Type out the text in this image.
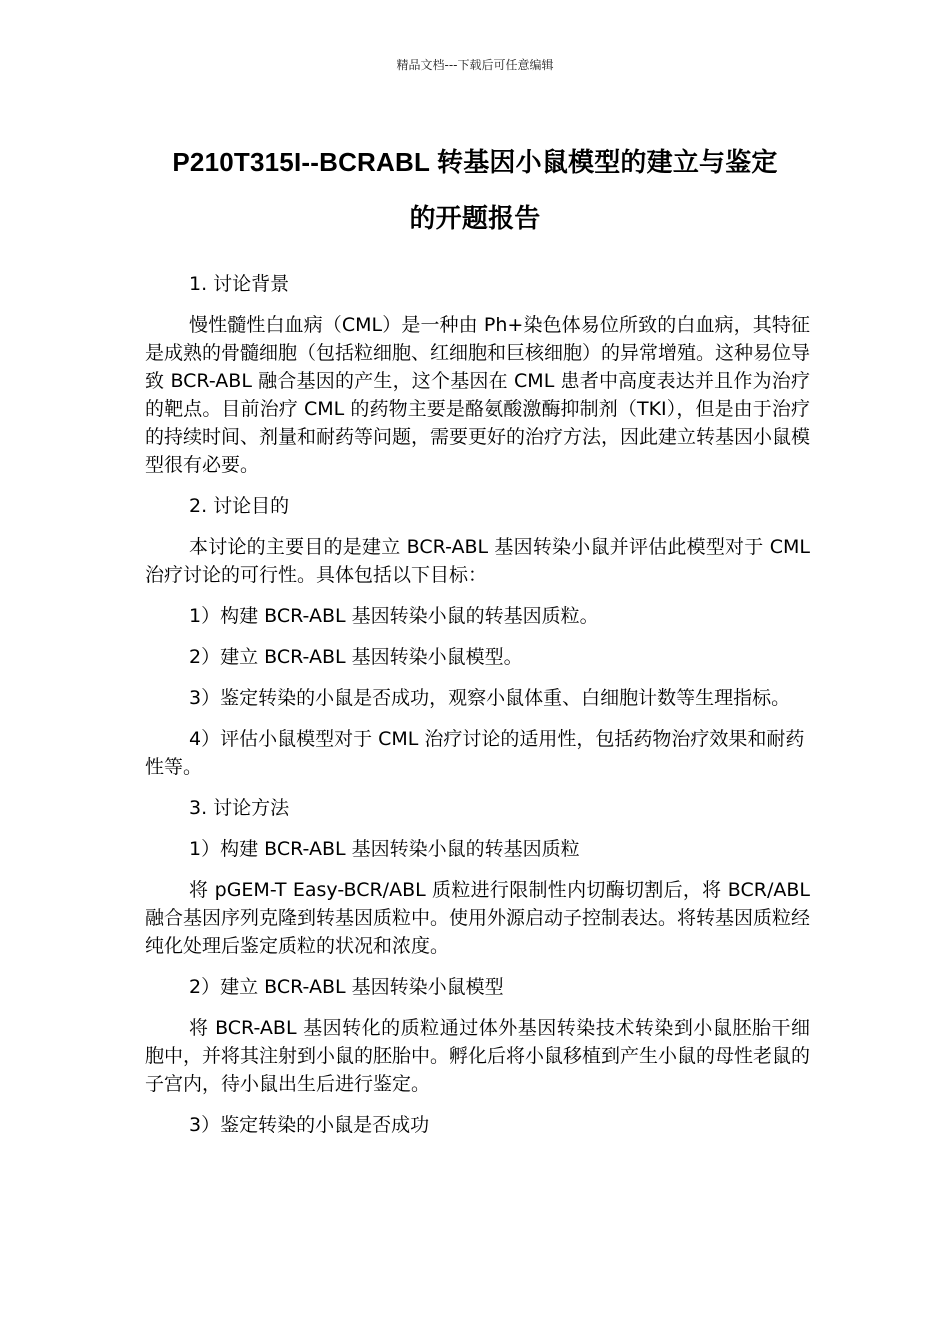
精品文档---下载后可任意编辑
P210T315I--BCRABL 转基因小鼠模型的建立与鉴定
的开题报告

1. 讨论背景

慢性髓性白血病（CML）是一种由 Ph+染色体易位所致的白血病，其特征是成熟的骨髓细胞（包括粒细胞、红细胞和巨核细胞）的异常增殖。这种易位导致 BCR-ABL 融合基因的产生，这个基因在 CML 患者中高度表达并且作为治疗的靶点。目前治疗 CML 的药物主要是酪氨酸激酶抑制剂（TKI），但是由于治疗的持续时间、剂量和耐药等问题，需要更好的治疗方法，因此建立转基因小鼠模型很有必要。

2. 讨论目的

本讨论的主要目的是建立 BCR-ABL 基因转染小鼠并评估此模型对于 CML 治疗讨论的可行性。具体包括以下目标：

1）构建 BCR-ABL 基因转染小鼠的转基因质粒。

2）建立 BCR-ABL 基因转染小鼠模型。

3）鉴定转染的小鼠是否成功，观察小鼠体重、白细胞计数等生理指标。

4）评估小鼠模型对于 CML 治疗讨论的适用性，包括药物治疗效果和耐药性等。

3. 讨论方法

1）构建 BCR-ABL 基因转染小鼠的转基因质粒

将 pGEM-T Easy-BCR/ABL 质粒进行限制性内切酶切割后，将 BCR/ABL 融合基因序列克隆到转基因质粒中。使用外源启动子控制表达。将转基因质粒经纯化处理后鉴定质粒的状况和浓度。

2）建立 BCR-ABL 基因转染小鼠模型

将 BCR-ABL 基因转化的质粒通过体外基因转染技术转染到小鼠胚胎干细胞中，并将其注射到小鼠的胚胎中。孵化后将小鼠移植到产生小鼠的母性老鼠的子宫内，待小鼠出生后进行鉴定。

3）鉴定转染的小鼠是否成功
